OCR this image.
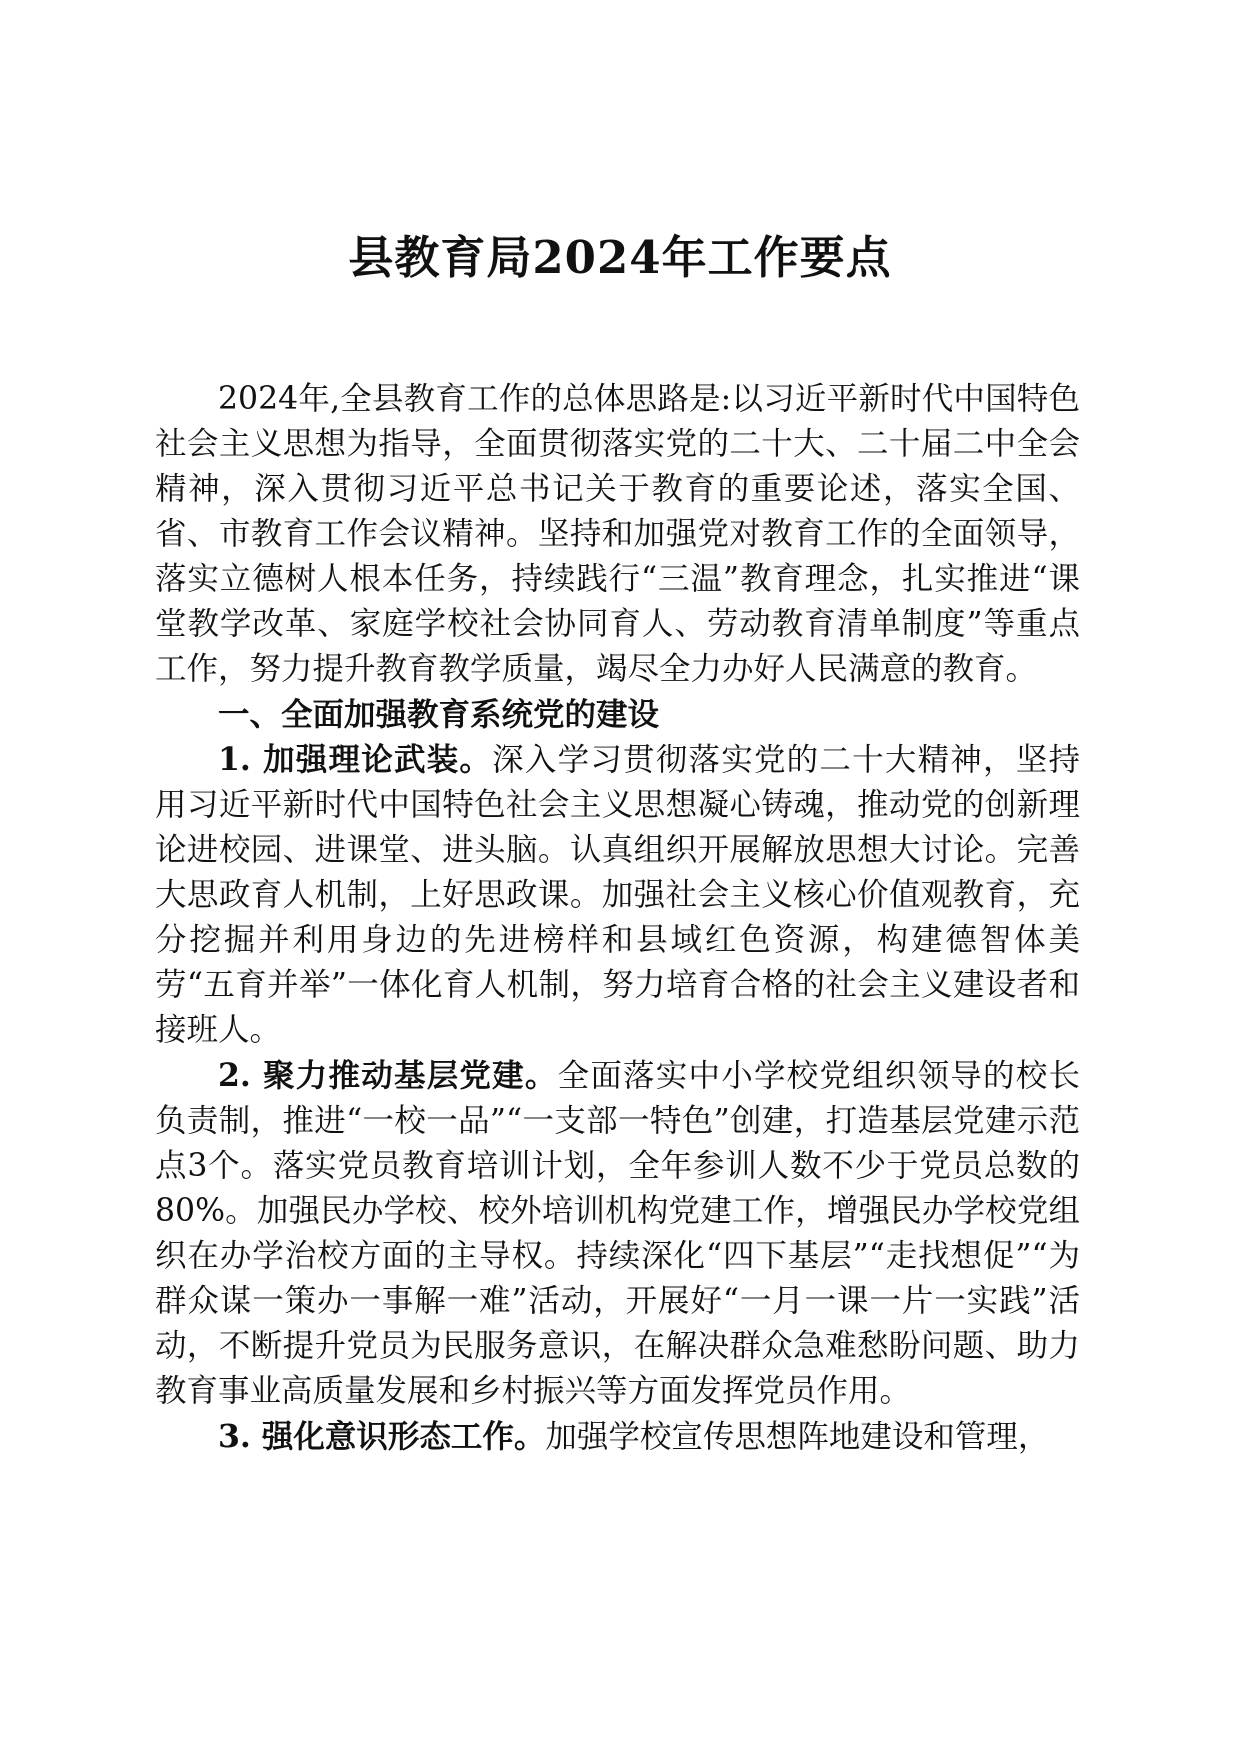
县教育局2024年工作要点

2024年,全县教育工作的总体思路是:以习近平新时代中国特色社会主义思想为指导，全面贯彻落实党的二十大、二十届二中全会精神，深入贯彻习近平总书记关于教育的重要论述，落实全国、省、市教育工作会议精神。坚持和加强党对教育工作的全面领导，落实立德树人根本任务，持续践行“三温”教育理念，扎实推进“课堂教学改革、家庭学校社会协同育人、劳动教育清单制度”等重点工作，努力提升教育教学质量，竭尽全力办好人民满意的教育。

一、全面加强教育系统党的建设

1. 加强理论武装。深入学习贯彻落实党的二十大精神，坚持用习近平新时代中国特色社会主义思想凝心铸魂，推动党的创新理论进校园、进课堂、进头脑。认真组织开展解放思想大讨论。完善大思政育人机制，上好思政课。加强社会主义核心价值观教育，充分挖掘并利用身边的先进榜样和县域红色资源，构建德智体美劳“五育并举”一体化育人机制，努力培育合格的社会主义建设者和接班人。

2. 聚力推动基层党建。全面落实中小学校党组织领导的校长负责制，推进“一校一品”“一支部一特色”创建，打造基层党建示范点3个。落实党员教育培训计划，全年参训人数不少于党员总数的80%。加强民办学校、校外培训机构党建工作，增强民办学校党组织在办学治校方面的主导权。持续深化“四下基层”“走找想促”“为群众谋一策办一事解一难”活动，开展好“一月一课一片一实践”活动，不断提升党员为民服务意识，在解决群众急难愁盼问题、助力教育事业高质量发展和乡村振兴等方面发挥党员作用。

3. 强化意识形态工作。加强学校宣传思想阵地建设和管理，
